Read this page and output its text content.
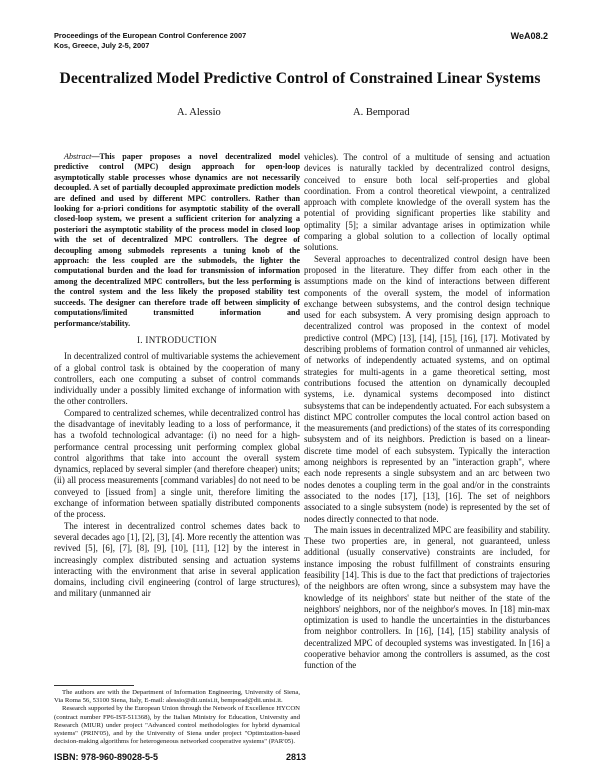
Proceedings of the European Control Conference 2007
Kos, Greece, July 2-5, 2007
WeA08.2
Decentralized Model Predictive Control of Constrained Linear Systems
A. Alessio	A. Bemporad
Abstract—This paper proposes a novel decentralized model predictive control (MPC) design approach for open-loop asymptotically stable processes whose dynamics are not necessarily decoupled. A set of partially decoupled approximate prediction models are defined and used by different MPC controllers. Rather than looking for a-priori conditions for asymptotic stability of the overall closed-loop system, we present a sufficient criterion for analyzing a posteriori the asymptotic stability of the process model in closed loop with the set of decentralized MPC controllers. The degree of decoupling among submodels represents a tuning knob of the approach: the less coupled are the submodels, the lighter the computational burden and the load for transmission of information among the decentralized MPC controllers, but the less performing is the control system and the less likely the proposed stability test succeeds. The designer can therefore trade off between simplicity of computations/limited transmitted information and performance/stability.
I. INTRODUCTION

In decentralized control of multivariable systems the achievement of a global control task is obtained by the cooperation of many controllers, each one computing a subset of control commands individually under a possibly limited exchange of information with the other controllers.

Compared to centralized schemes, while decentralized control has the disadvantage of inevitably leading to a loss of performance, it has a twofold technological advantage: (i) no need for a high-performance central processing unit performing complex global control algorithms that take into account the overall system dynamics, replaced by several simpler (and therefore cheaper) units; (ii) all process measurements [command variables] do not need to be conveyed to [issued from] a single unit, therefore limiting the exchange of information between spatially distributed components of the process.

The interest in decentralized control schemes dates back to several decades ago [1], [2], [3], [4]. More recently the attention was revived [5], [6], [7], [8], [9], [10], [11], [12] by the interest in increasingly complex distributed sensing and actuation systems interacting with the environment that arise in several application domains, including civil engineering (control of large structures), and military (unmanned air

The authors are with the Department of Information Engineering, University of Siena, Via Roma 56, 53100 Siena, Italy, E-mail: alessio@dii.unisi.it, bemporad@dii.unisi.it.

Research supported by the European Union through the Network of Excellence HYCON (contract number FP6-IST-511368), by the Italian Ministry for Education, University and Research (MIUR) under project "Advanced control methodologies for hybrid dynamical systems" (PRIN'05), and by the University of Siena under project "Optimization-based decision-making algorithms for heterogeneous networked cooperative systems" (PAR'05).

vehicles). The control of a multitude of sensing and actuation devices is naturally tackled by decentralized control designs, conceived to ensure both local self-properties and global coordination. From a control theoretical viewpoint, a centralized approach with complete knowledge of the overall system has the potential of providing significant properties like stability and optimality [5]; a similar advantage arises in optimization while comparing a global solution to a collection of locally optimal solutions.

Several approaches to decentralized control design have been proposed in the literature. They differ from each other in the assumptions made on the kind of interactions between different components of the overall system, the model of information exchange between subsystems, and the control design technique used for each subsystem. A very promising design approach to decentralized control was proposed in the context of model predictive control (MPC) [13], [14], [15], [16], [17]. Motivated by describing problems of formation control of unmanned air vehicles, of networks of independently actuated systems, and on optimal strategies for multi-agents in a game theoretical setting, most contributions focused the attention on dynamically decoupled systems, i.e. dynamical systems decomposed into distinct subsystems that can be independently actuated. For each subsystem a distinct MPC controller computes the local control action based on the measurements (and predictions) of the states of its corresponding subsystem and of its neighbors. Prediction is based on a linear-discrete time model of each subsystem. Typically the interaction among neighbors is represented by an "interaction graph", where each node represents a single subsystem and an arc between two nodes denotes a coupling term in the goal and/or in the constraints associated to the nodes [17], [13], [16]. The set of neighbors associated to a single subsystem (node) is represented by the set of nodes directly connected to that node.

The main issues in decentralized MPC are feasibility and stability. These two properties are, in general, not guaranteed, unless additional (usually conservative) constraints are included, for instance imposing the robust fulfillment of constraints ensuring feasibility [14]. This is due to the fact that predictions of trajectories of the neighbors are often wrong, since a subsystem may have the knowledge of its neighbors' state but neither of the state of the neighbors' neighbors, nor of the neighbor's moves. In [18] min-max optimization is used to handle the uncertainties in the disturbances from neighbor controllers. In [16], [14], [15] stability analysis of decentralized MPC of decoupled systems was investigated. In [16] a cooperative behavior among the controllers is assumed, as the cost function of the

ISBN: 978-960-89028-5-5	2813
